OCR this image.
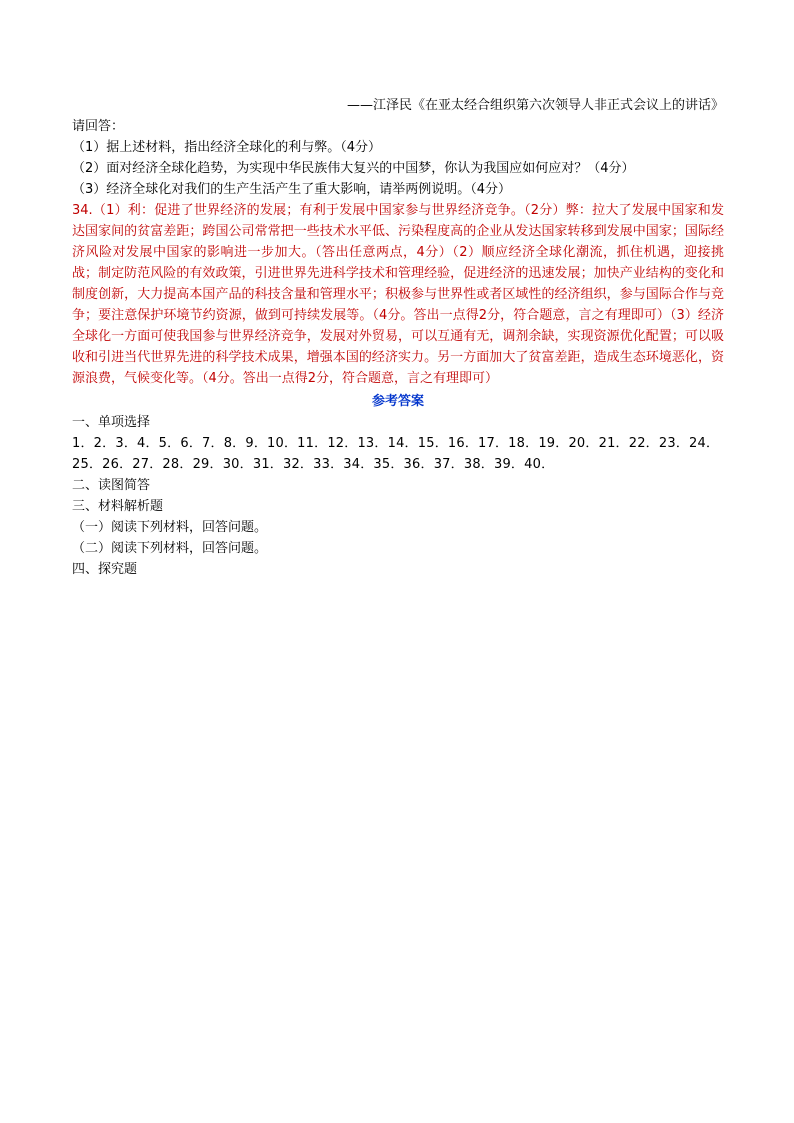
——江泽民《在亚太经合组织第六次领导人非正式会议上的讲话》

请回答：

（1）据上述材料，指出经济全球化的利与弊。（4分）

（2）面对经济全球化趋势，为实现中华民族伟大复兴的中国梦，你认为我国应如何应对？（4分）

（3）经济全球化对我们的生产生活产生了重大影响，请举两例说明。（4分）

34.（1）利：促进了世界经济的发展；有利于发展中国家参与世界经济竞争。（2分）弊：拉大了发展中国家和发达国家间的贫富差距；跨国公司常常把一些技术水平低、污染程度高的企业从发达国家转移到发展中国家；国际经济风险对发展中国家的影响进一步加大。（答出任意两点，4分）（2）顺应经济全球化潮流，抓住机遇，迎接挑战；制定防范风险的有效政策，引进世界先进科学技术和管理经验，促进经济的迅速发展；加快产业结构的变化和制度创新，大力提高本国产品的科技含量和管理水平；积极参与世界性或者区域性的经济组织，参与国际合作与竞争；要注意保护环境节约资源，做到可持续发展等。（4分。答出一点得2分，符合题意，言之有理即可）（3）经济全球化一方面可使我国参与世界经济竞争，发展对外贸易，可以互通有无，调剂余缺，实现资源优化配置；可以吸收和引进当代世界先进的科学技术成果，增强本国的经济实力。另一方面加大了贫富差距，造成生态环境恶化，资源浪费，气候变化等。（4分。答出一点得2分，符合题意，言之有理即可）

参考答案

一、单项选择

1．2．3．4．5．6．7．8．9．10．11．12．13．14．15．16．17．18．19．20．21．22．23．24．25．26．27．28．29．30．31．32．33．34．35．36．37．38．39．40．

二、读图简答

三、材料解析题

（一）阅读下列材料，回答问题。

（二）阅读下列材料，回答问题。

四、探究题
